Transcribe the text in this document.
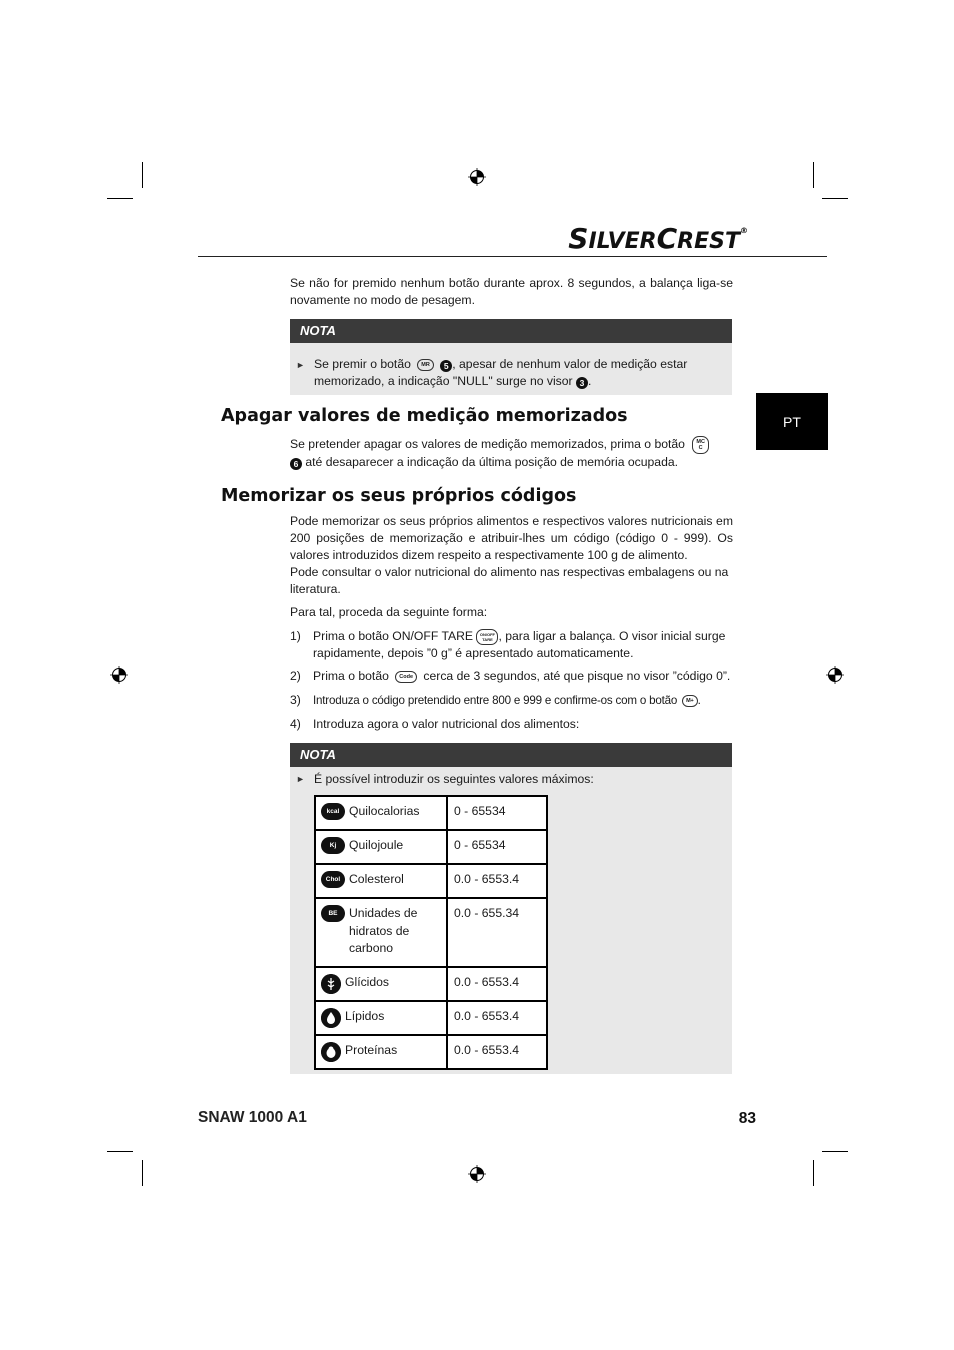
SILVERCREST®
PT

Se não for premido nenhum botão durante aprox. 8 segundos, a balança liga-se novamente no modo de pesagem.

NOTA
► Se premir o botão MR 5 , apesar de nenhum valor de medição estar
memorizado, a indicação "NULL" surge no visor 3 .

Apagar valores de medição memorizados

Se pretender apagar os valores de medição memorizados, prima o botão MC
C
6 até desaparecer a indicação da última posição de memória ocupada.

Memorizar os seus próprios códigos

Pode memorizar os seus próprios alimentos e respectivos valores nutricionais em 200 posições de memorização e atribuir-lhes um código (código 0 - 999). Os valores introduzidos dizem respeito a respectivamente 100 g de alimento.

Pode consultar o valor nutricional do alimento nas respectivas embalagens ou na literatura.

Para tal, proceda da seguinte forma:

1) Prima o botão ON/OFF TARE ON/OFF TARE , para ligar a balança. O visor inicial surge
rapidamente, depois ”0 g” é apresentado automaticamente.

2) Prima o botão Code cerca de 3 segundos, até que pisque no visor ”código 0”.

3) Introduza o código pretendido entre 800 e 999 e confirme-os com o botão M+ .

4) Introduza agora o valor nutricional dos alimentos:

NOTA
► É possível introduzir os seguintes valores máximos:

kcal Quilocalorias	0 - 65534

Kj Quilojoule	0 - 65534

Chol Colesterol	0.0 - 6553.4

BE Unidades de hidratos de carbono	0.0 - 655.34

Glícidos	0.0 - 6553.4

Lípidos	0.0 - 6553.4

Proteínas	0.0 - 6553.4
SNAW 1000 A1	83
